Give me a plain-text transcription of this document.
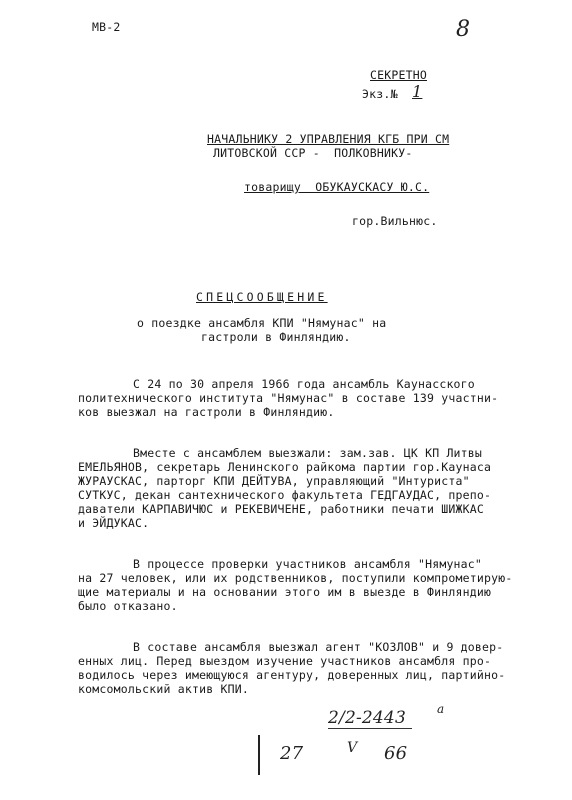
МВ-2	8
СЕКРЕТНО
Экз.№ 1
НАЧАЛЬНИКУ 2 УПРАВЛЕНИЯ КГБ ПРИ СМ
ЛИТОВСКОЙ ССР -  ПОЛКОВНИКУ-
товарищу  ОБУКАУСКАСУ Ю.С.
гор.Вильнюс.
СПЕЦСООБЩЕНИЕ
о поездке ансамбля КПИ "Нямунас" на
гастроли в Финляндию.
С 24 по 30 апреля 1966 года ансамбль Каунасского
политехнического института "Нямунас" в составе 139 участни-
ков выезжал на гастроли в Финляндию.
Вместе с ансамблем выезжали: зам.зав. ЦК КП Литвы
ЕМЕЛЬЯНОВ, секретарь Ленинского райкома партии гор.Каунаса
ЖУРАУСКАС, парторг КПИ ДЕЙТУВА, управляющий "Интуриста"
СУТКУС, декан сантехнического факультета ГЕДГАУДАС, препо-
даватели КАРПАВИЧЮС и РЕКЕВИЧЕНЕ, работники печати ШИЖКАС
и ЭЙДУКАС.
В процессе проверки участников ансамбля "Нямунас"
на 27 человек, или их родственников, поступили компрометирую-
щие материалы и на основании этого им в выезде в Финляндию
было отказано.
В составе ансамбля выезжал агент "КОЗЛОВ" и 9 довер-
енных лиц. Перед выездом изучение участников ансамбля про-
водилось через имеющуюся агентуру, доверенных лиц, партийно-
комсомольский актив КПИ.
2/2-2443	а
27	V 66
